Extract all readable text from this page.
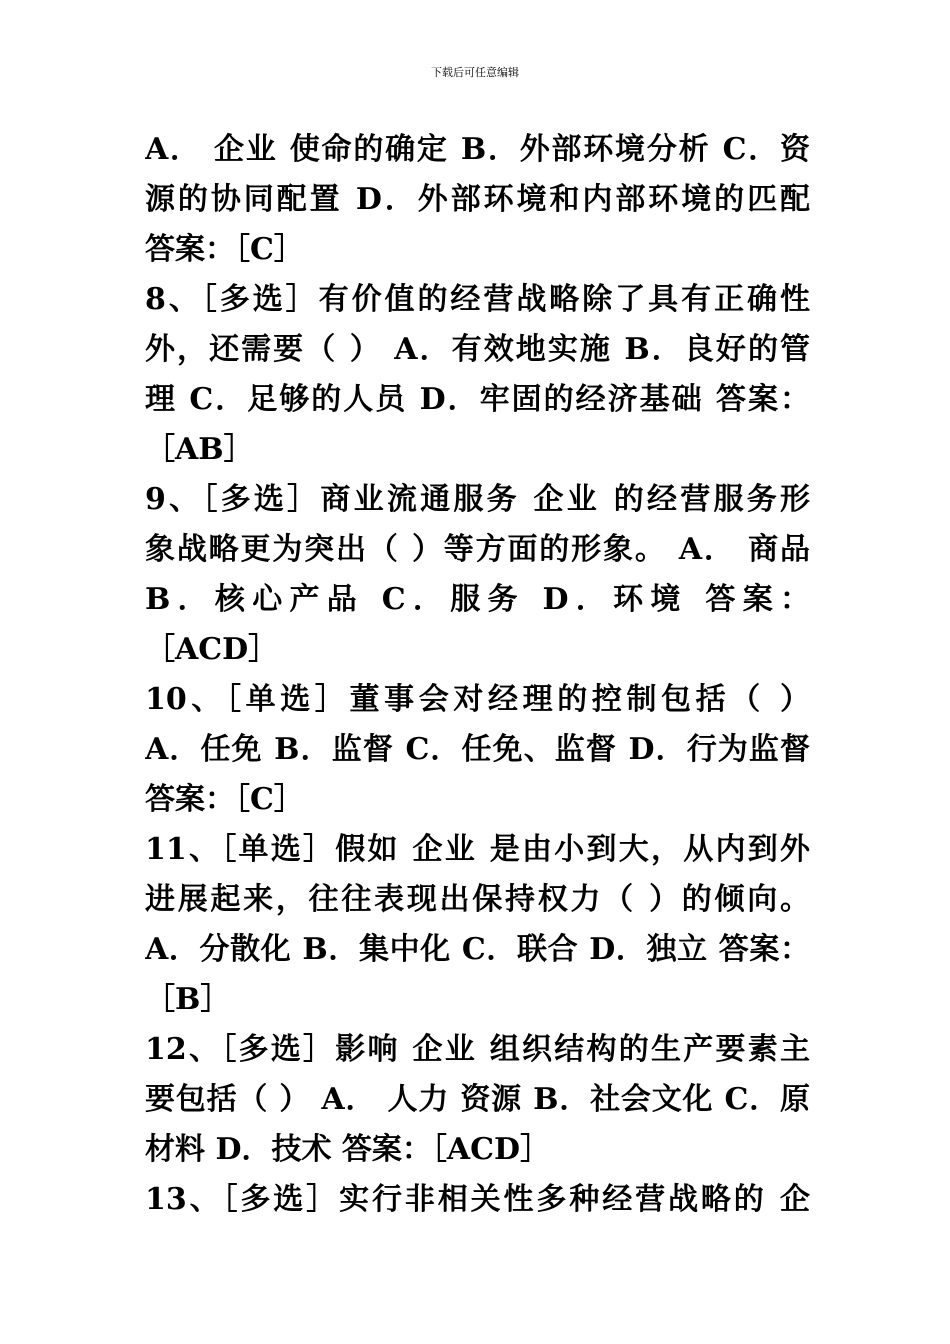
下载后可任意编辑
A． 企业 使命的确定 B．外部环境分析 C．资
源的协同配置 D．外部环境和内部环境的匹配
答案：［C］
8、［多选］有价值的经营战略除了具有正确性
外，还需要（ ） A．有效地实施 B．良好的管
理 C．足够的人员 D．牢固的经济基础 答案：
［AB］
9、［多选］商业流通服务 企业 的经营服务形
象战略更为突出（ ）等方面的形象。 A． 商品
B．核心产品 C．服务 D．环境 答案：
［ACD］
10、［单选］董事会对经理的控制包括（ ）
A．任免 B．监督 C．任免、监督 D．行为监督
答案：［C］
11、［单选］假如 企业 是由小到大，从内到外
进展起来，往往表现出保持权力（ ）的倾向。
A．分散化 B．集中化 C．联合 D．独立 答案：
［B］
12、［多选］影响 企业 组织结构的生产要素主
要包括（ ） A． 人力 资源 B．社会文化 C．原
材料 D．技术 答案：［ACD］
13、［多选］实行非相关性多种经营战略的 企
